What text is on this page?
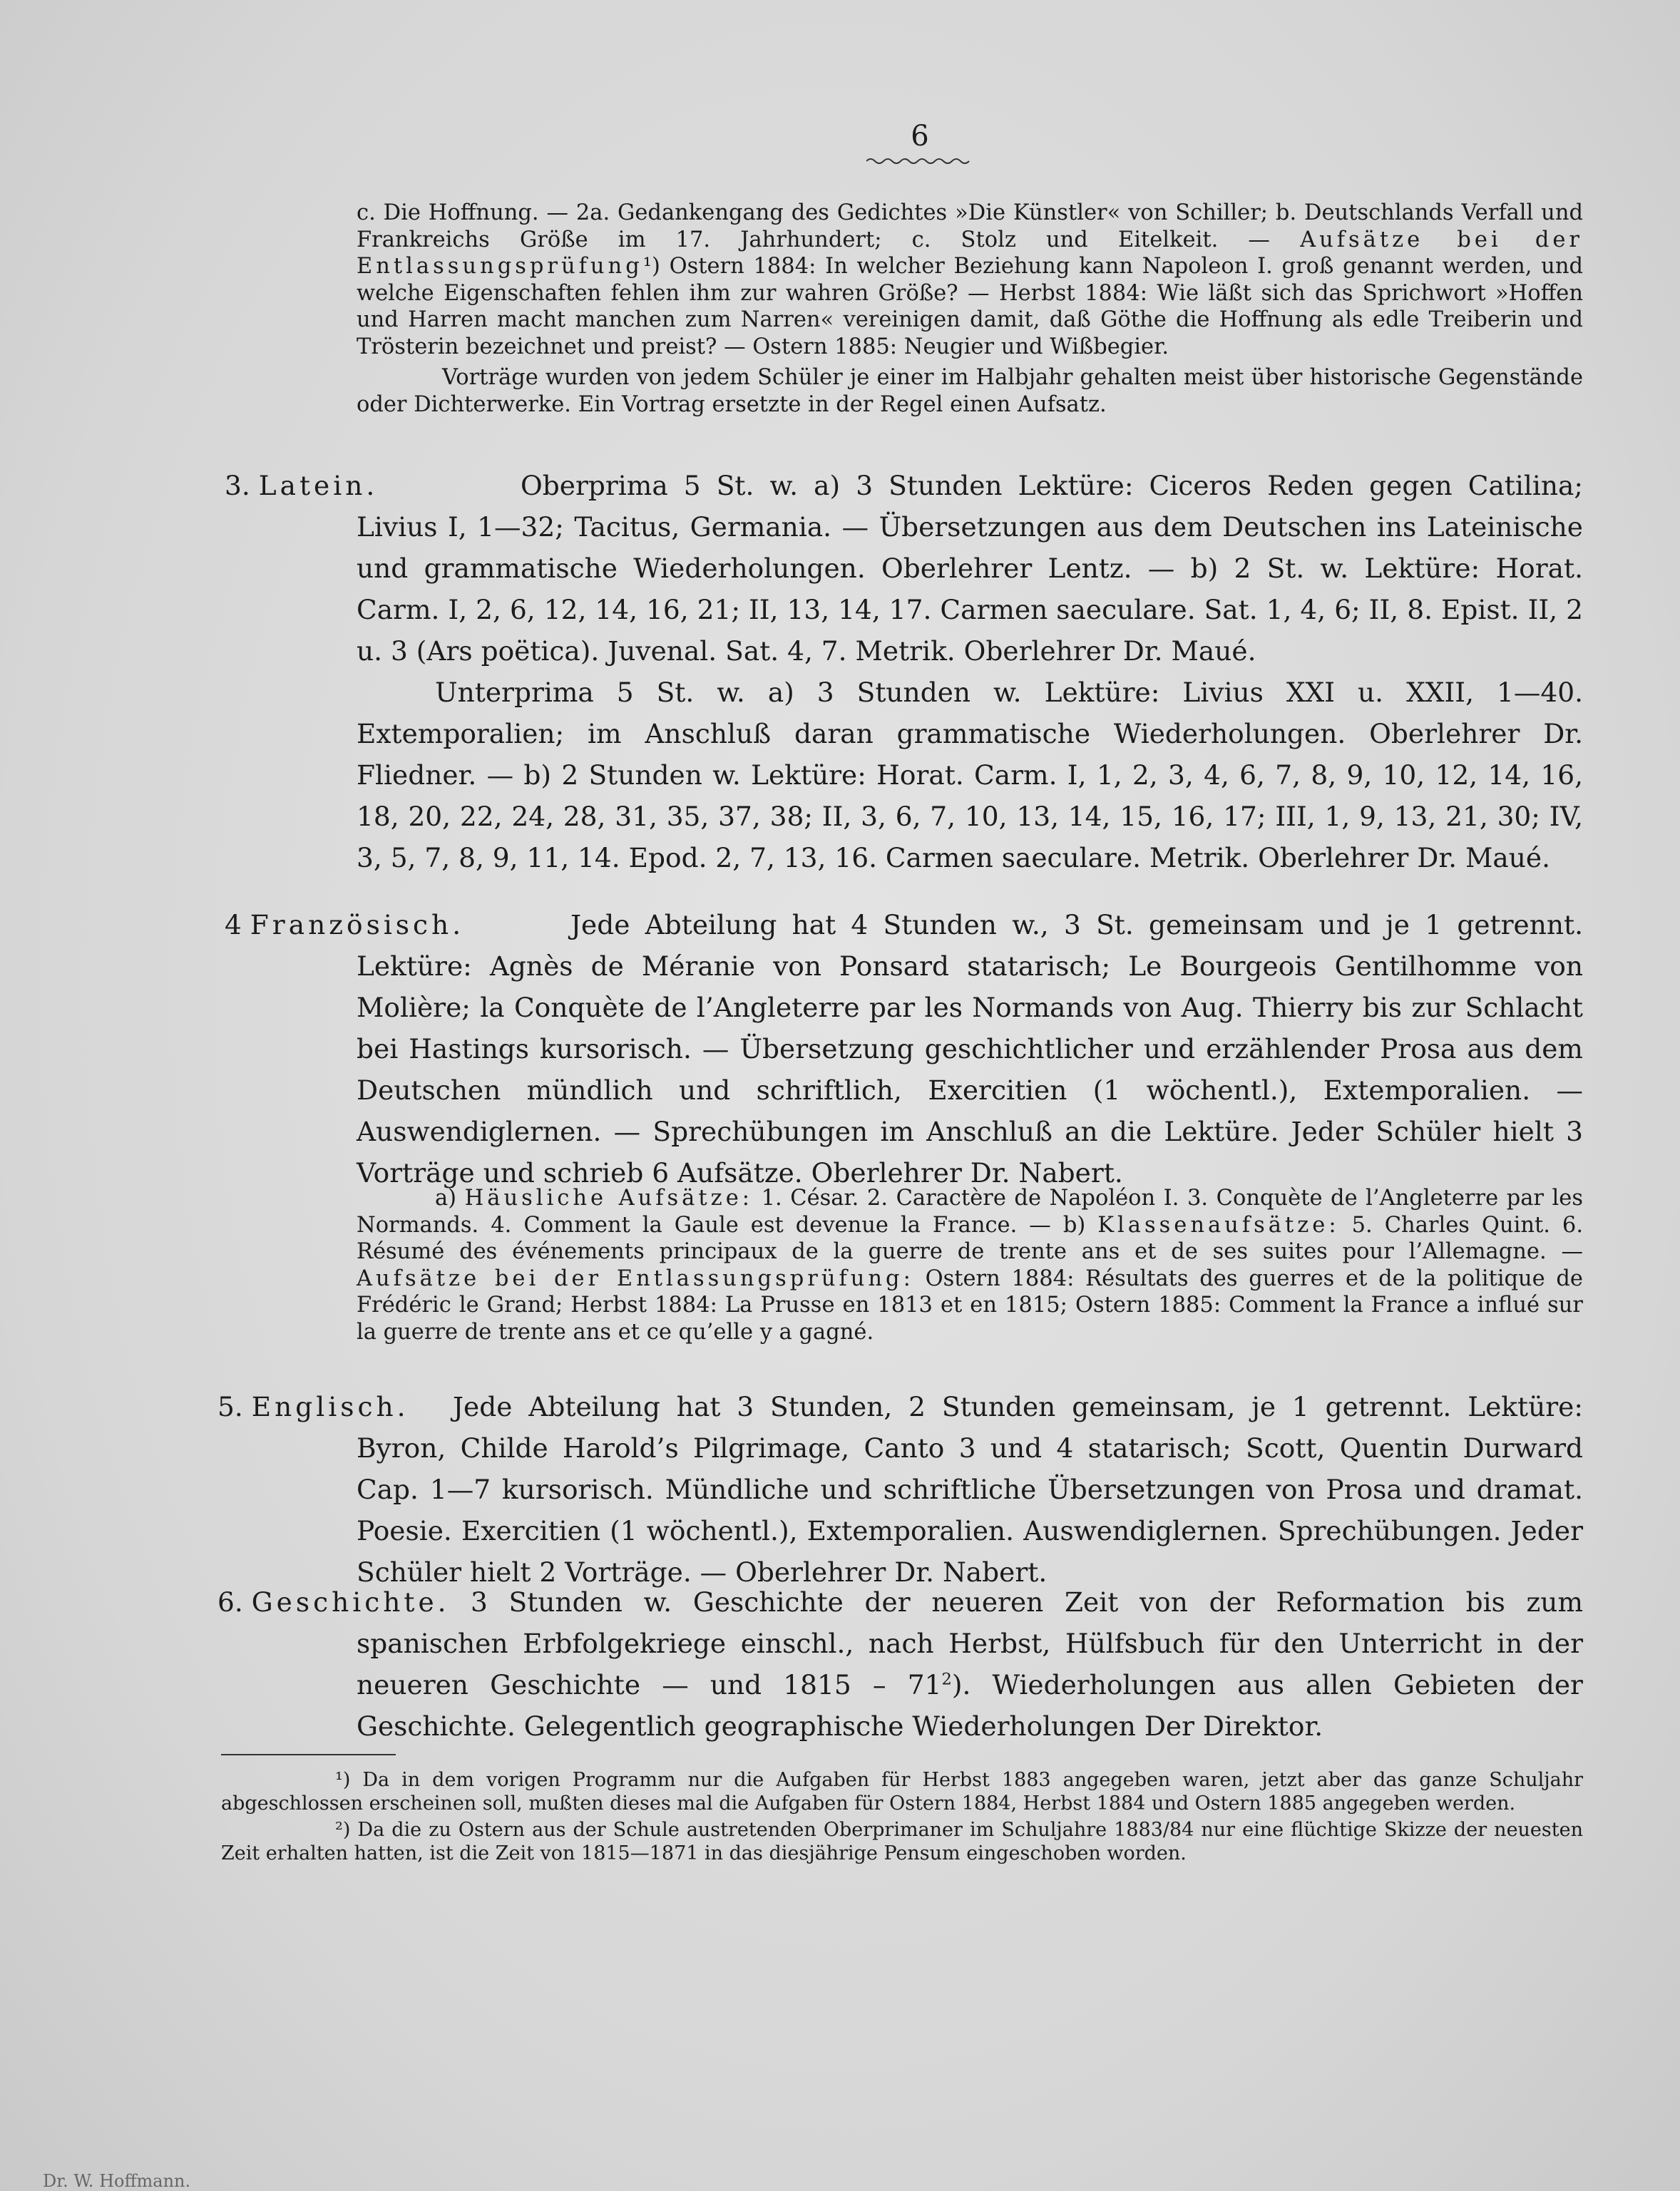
6

c. Die Hoffnung. — 2a. Gedankengang des Gedichtes »Die Künstler« von Schiller; b. Deutschlands Verfall und Frankreichs Größe im 17. Jahrhundert; c. Stolz und Eitelkeit. — Aufsätze bei der Entlassungsprüfung¹) Ostern 1884: In welcher Beziehung kann Napoleon I. groß genannt werden, und welche Eigenschaften fehlen ihm zur wahren Größe? — Herbst 1884: Wie läßt sich das Sprichwort »Hoffen und Harren macht manchen zum Narren« vereinigen damit, daß Göthe die Hoffnung als edle Treiberin und Trösterin bezeichnet und preist? — Ostern 1885: Neugier und Wißbegier.

Vorträge wurden von jedem Schüler je einer im Halbjahr gehalten meist über historische Gegenstände oder Dichterwerke. Ein Vortrag ersetzte in der Regel einen Aufsatz.

3. Latein.	Oberprima 5 St. w. a) 3 Stunden Lektüre: Ciceros Reden gegen Catilina; Livius I, 1—32; Tacitus, Germania. — Übersetzungen aus dem Deutschen ins Lateinische und grammatische Wiederholungen. Oberlehrer Lentz. — b) 2 St. w. Lektüre: Horat. Carm. I, 2, 6, 12, 14, 16, 21; II, 13, 14, 17. Carmen saeculare. Sat. 1, 4, 6; II, 8. Epist. II, 2 u. 3 (Ars poëtica). Juvenal. Sat. 4, 7. Metrik. Oberlehrer Dr. Maué.

Unterprima 5 St. w. a) 3 Stunden w. Lektüre: Livius XXI u. XXII, 1—40. Extemporalien; im Anschluß daran grammatische Wiederholungen. Oberlehrer Dr. Fliedner. — b) 2 Stunden w. Lektüre: Horat. Carm. I, 1, 2, 3, 4, 6, 7, 8, 9, 10, 12, 14, 16, 18, 20, 22, 24, 28, 31, 35, 37, 38; II, 3, 6, 7, 10, 13, 14, 15, 16, 17; III, 1, 9, 13, 21, 30; IV, 3, 5, 7, 8, 9, 11, 14. Epod. 2, 7, 13, 16. Carmen saeculare. Metrik. Oberlehrer Dr. Maué.

4 Französisch.	Jede Abteilung hat 4 Stunden w., 3 St. gemeinsam und je 1 getrennt. Lektüre: Agnès de Méranie von Ponsard statarisch; Le Bourgeois Gentilhomme von Molière; la Conquète de l’Angleterre par les Normands von Aug. Thierry bis zur Schlacht bei Hastings kursorisch. — Übersetzung geschichtlicher und erzählender Prosa aus dem Deutschen mündlich und schriftlich, Exercitien (1 wöchentl.), Extemporalien. — Auswendiglernen. — Sprechübungen im Anschluß an die Lektüre. Jeder Schüler hielt 3 Vorträge und schrieb 6 Aufsätze. Oberlehrer Dr. Nabert.

a) Häusliche Aufsätze: 1. César. 2. Caractère de Napoléon I. 3. Conquète de l’Angleterre par les Normands. 4. Comment la Gaule est devenue la France. — b) Klassenaufsätze: 5. Charles Quint. 6. Résumé des événements principaux de la guerre de trente ans et de ses suites pour l’Allemagne. — Aufsätze bei der Entlassungsprüfung: Ostern 1884: Résultats des guerres et de la politique de Frédéric le Grand; Herbst 1884: La Prusse en 1813 et en 1815; Ostern 1885: Comment la France a influé sur la guerre de trente ans et ce qu’elle y a gagné.

5. Englisch.	Jede Abteilung hat 3 Stunden, 2 Stunden gemeinsam, je 1 getrennt. Lektüre: Byron, Childe Harold’s Pilgrimage, Canto 3 und 4 statarisch; Scott, Quentin Durward Cap. 1—7 kursorisch. Mündliche und schriftliche Übersetzungen von Prosa und dramat. Poesie. Exercitien (1 wöchentl.), Extemporalien. Auswendiglernen. Sprechübungen. Jeder Schüler hielt 2 Vorträge. — Oberlehrer Dr. Nabert.

6. Geschichte. 3 Stunden w. Geschichte der neueren Zeit von der Reformation bis zum spanischen Erbfolgekriege einschl., nach Herbst, Hülfsbuch für den Unterricht in der neueren Geschichte — und $1815 - 71^2$). Wiederholungen aus allen Gebieten der Geschichte. Gelegentlich geographische Wiederholungen Der Direktor.

¹) Da in dem vorigen Programm nur die Aufgaben für Herbst 1883 angegeben waren, jetzt aber das ganze Schuljahr abgeschlossen erscheinen soll, mußten dieses mal die Aufgaben für Ostern 1884, Herbst 1884 und Ostern 1885 angegeben werden.

²) Da die zu Ostern aus der Schule austretenden Oberprimaner im Schuljahre 1883/84 nur eine flüchtige Skizze der neuesten Zeit erhalten hatten, ist die Zeit von 1815—1871 in das diesjährige Pensum eingeschoben worden.

Dr. W. Hoffmann.
